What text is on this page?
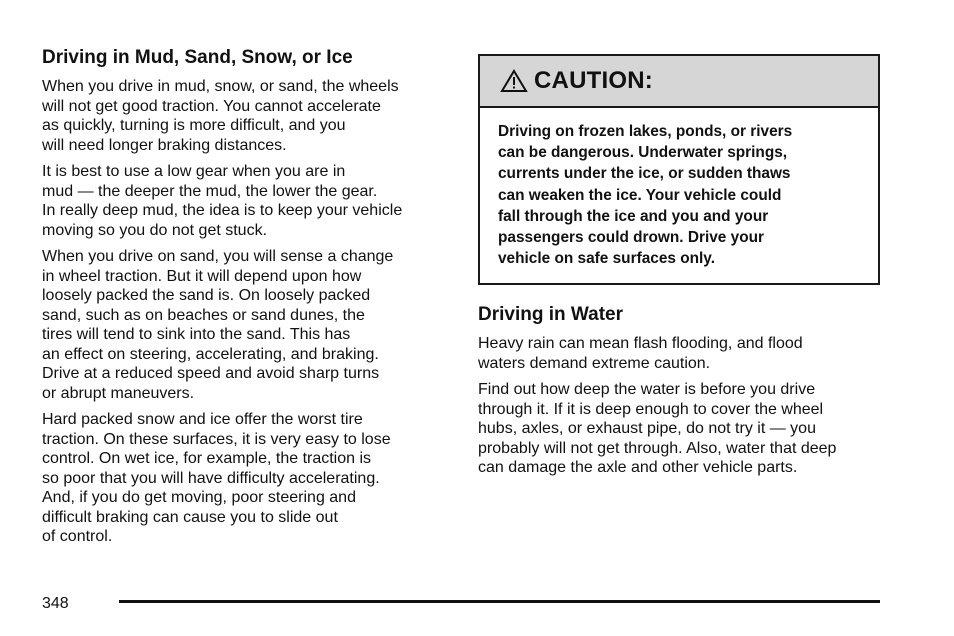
Driving in Mud, Sand, Snow, or Ice

When you drive in mud, snow, or sand, the wheels
will not get good traction. You cannot accelerate
as quickly, turning is more difficult, and you
will need longer braking distances.

It is best to use a low gear when you are in
mud — the deeper the mud, the lower the gear.
In really deep mud, the idea is to keep your vehicle
moving so you do not get stuck.

When you drive on sand, you will sense a change
in wheel traction. But it will depend upon how
loosely packed the sand is. On loosely packed
sand, such as on beaches or sand dunes, the
tires will tend to sink into the sand. This has
an effect on steering, accelerating, and braking.
Drive at a reduced speed and avoid sharp turns
or abrupt maneuvers.

Hard packed snow and ice offer the worst tire
traction. On these surfaces, it is very easy to lose
control. On wet ice, for example, the traction is
so poor that you will have difficulty accelerating.
And, if you do get moving, poor steering and
difficult braking can cause you to slide out
of control.

CAUTION:
Driving on frozen lakes, ponds, or rivers
can be dangerous. Underwater springs,
currents under the ice, or sudden thaws
can weaken the ice. Your vehicle could
fall through the ice and you and your
passengers could drown. Drive your
vehicle on safe surfaces only.
Driving in Water

Heavy rain can mean flash flooding, and flood
waters demand extreme caution.

Find out how deep the water is before you drive
through it. If it is deep enough to cover the wheel
hubs, axles, or exhaust pipe, do not try it — you
probably will not get through. Also, water that deep
can damage the axle and other vehicle parts.

348
